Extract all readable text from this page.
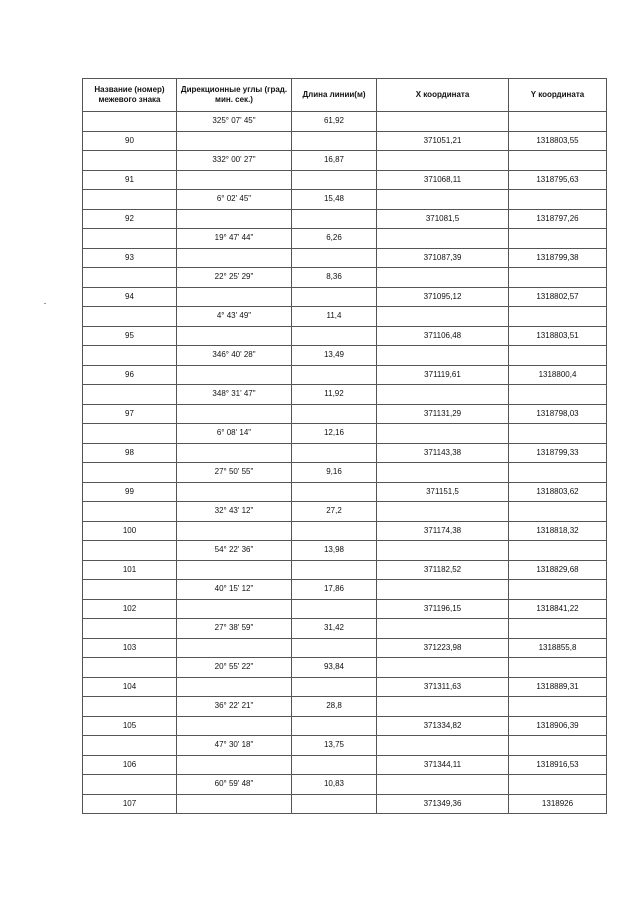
Название (номер) межевого знака	Дирекционные углы (град. мин. сек.)	Длина линии(м)	X координата	Y координата
	325° 07' 45"	61,92		
90			371051,21	1318803,55
	332° 00' 27"	16,87		
91			371068,11	1318795,63
	6° 02' 45"	15,48		
92			371081,5	1318797,26
	19° 47' 44"	6,26		
93			371087,39	1318799,38
	22° 25' 29"	8,36		
94			371095,12	1318802,57
	4° 43' 49"	11,4		
95			371106,48	1318803,51
	346° 40' 28"	13,49		
96			371119,61	1318800,4
	348° 31' 47"	11,92		
97			371131,29	1318798,03
	6° 08' 14"	12,16		
98			371143,38	1318799,33
	27° 50' 55"	9,16		
99			371151,5	1318803,62
	32° 43' 12"	27,2		
100			371174,38	1318818,32
	54° 22' 36"	13,98		
101			371182,52	1318829,68
	40° 15' 12"	17,86		
102			371196,15	1318841,22
	27° 38' 59"	31,42		
103			371223,98	1318855,8
	20° 55' 22"	93,84		
104			371311,63	1318889,31
	36° 22' 21"	28,8		
105			371334,82	1318906,39
	47° 30' 18"	13,75		
106			371344,11	1318916,53
	60° 59' 48"	10,83		
107			371349,36	1318926
